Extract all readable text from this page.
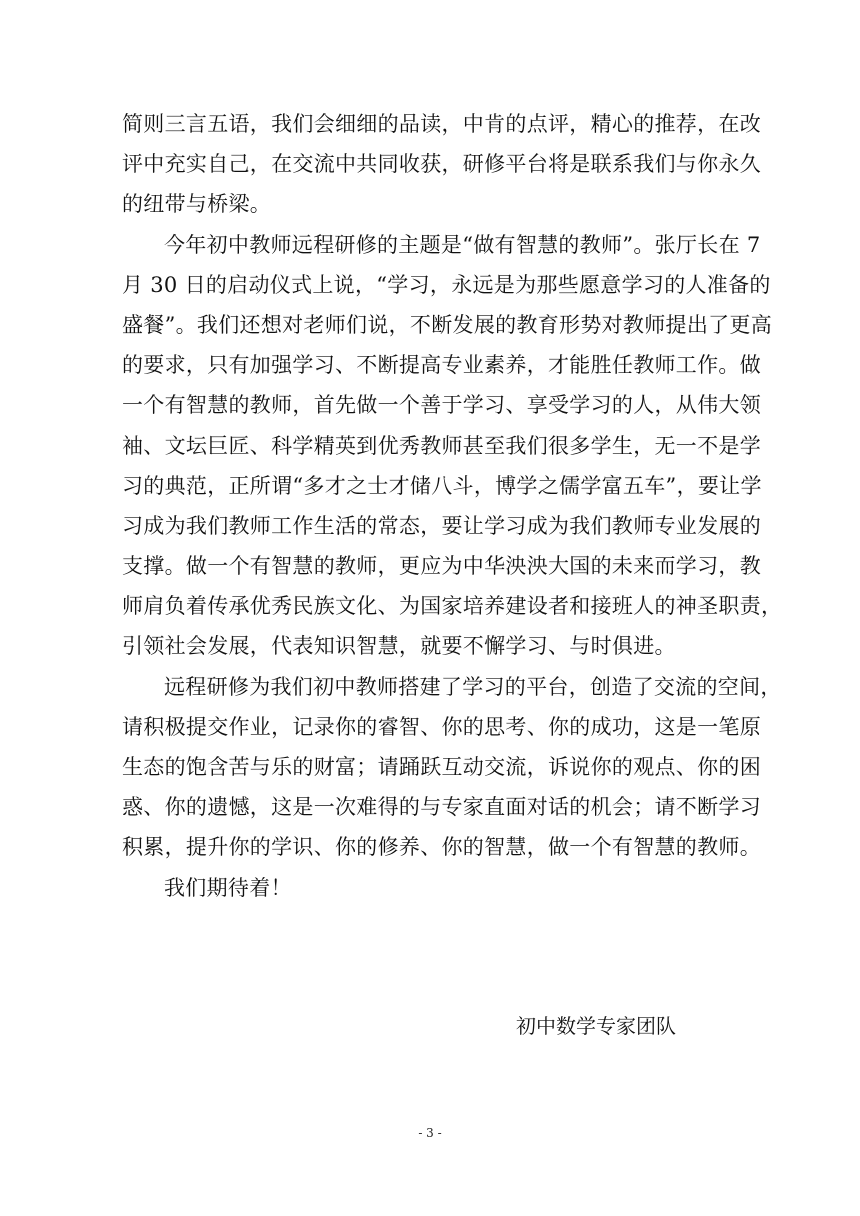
简则三言五语，我们会细细的品读，中肯的点评，精心的推荐，在改
评中充实自己，在交流中共同收获，研修平台将是联系我们与你永久
的纽带与桥梁。
今年初中教师远程研修的主题是“做有智慧的教师”。张厅长在 7
月 30 日的启动仪式上说，“学习，永远是为那些愿意学习的人准备的
盛餐”。我们还想对老师们说，不断发展的教育形势对教师提出了更高
的要求，只有加强学习、不断提高专业素养，才能胜任教师工作。做
一个有智慧的教师，首先做一个善于学习、享受学习的人，从伟大领
袖、文坛巨匠、科学精英到优秀教师甚至我们很多学生，无一不是学
习的典范，正所谓“多才之士才储八斗，博学之儒学富五车”，要让学
习成为我们教师工作生活的常态，要让学习成为我们教师专业发展的
支撑。做一个有智慧的教师，更应为中华泱泱大国的未来而学习，教
师肩负着传承优秀民族文化、为国家培养建设者和接班人的神圣职责，
引领社会发展，代表知识智慧，就要不懈学习、与时俱进。
远程研修为我们初中教师搭建了学习的平台，创造了交流的空间，
请积极提交作业，记录你的睿智、你的思考、你的成功，这是一笔原
生态的饱含苦与乐的财富；请踊跃互动交流，诉说你的观点、你的困
惑、你的遗憾，这是一次难得的与专家直面对话的机会；请不断学习
积累，提升你的学识、你的修养、你的智慧，做一个有智慧的教师。
我们期待着！
初中数学专家团队
- 3 -
